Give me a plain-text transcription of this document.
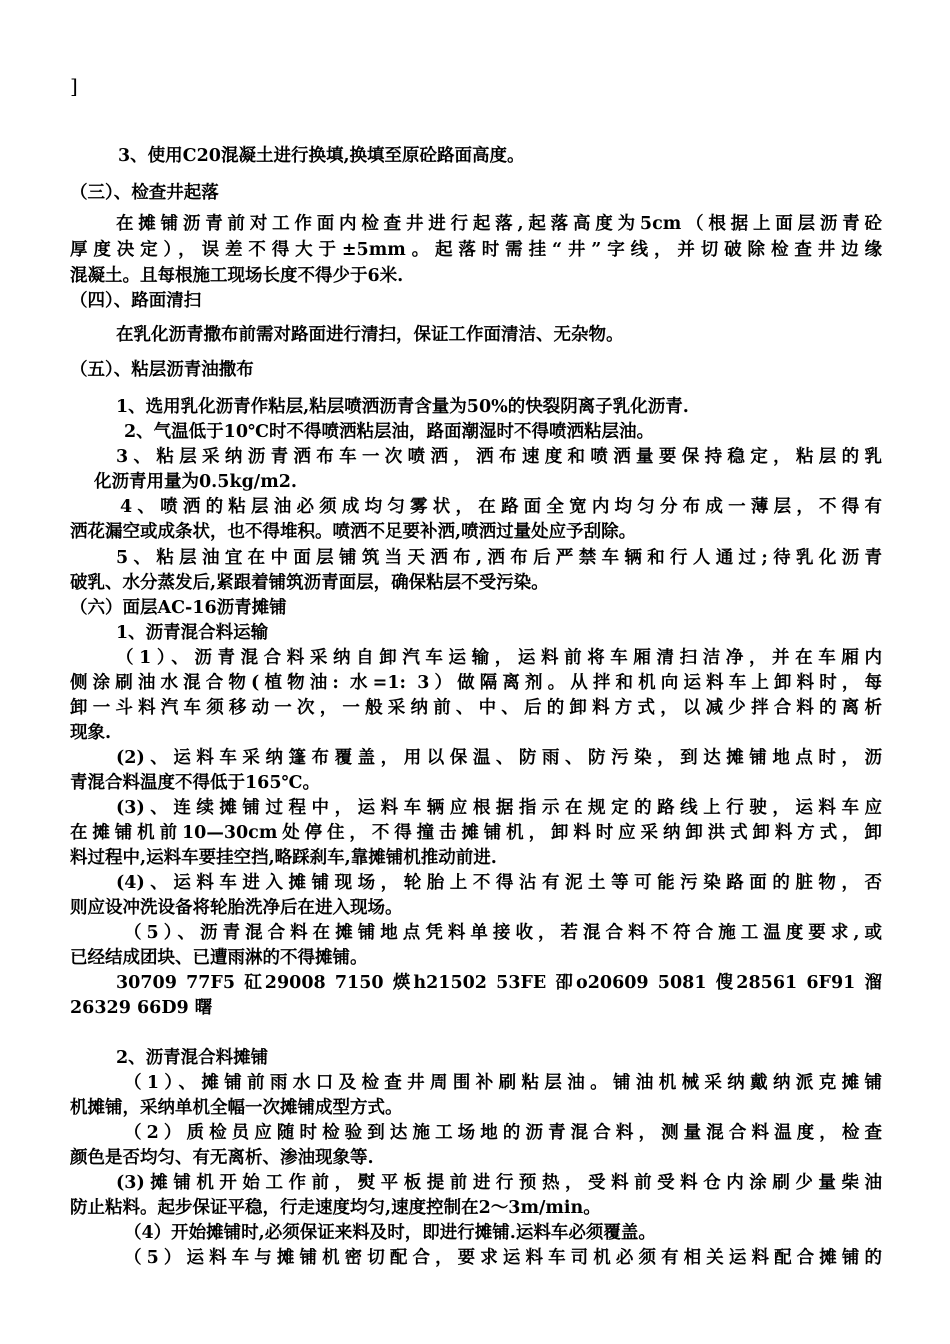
]
3、使用C20混凝土进行换填,换填至原砼路面高度。
（三）、检查井起落
在摊铺沥青前对工作面内检查井进行起落,起落高度为5cm（根据上面层沥青砼
厚度决定），误差不得大于±5mm。起落时需挂“井”字线，并切破除检查井边缘
混凝土。且每根施工现场长度不得少于6米.
（四）、路面清扫
在乳化沥青撒布前需对路面进行清扫，保证工作面清洁、无杂物。
（五）、粘层沥青油撒布
1、选用乳化沥青作粘层,粘层喷洒沥青含量为50%的快裂阴离子乳化沥青.
2、气温低于10℃时不得喷洒粘层油，路面潮湿时不得喷洒粘层油。
3、粘层采纳沥青洒布车一次喷洒，洒布速度和喷洒量要保持稳定，粘层的乳
化沥青用量为0.5kg/m2.
4、喷洒的粘层油必须成均匀雾状，在路面全宽内均匀分布成一薄层，不得有
洒花漏空或成条状，也不得堆积。喷洒不足要补洒,喷洒过量处应予刮除。
5、粘层油宜在中面层铺筑当天洒布,洒布后严禁车辆和行人通过;待乳化沥青
破乳、水分蒸发后,紧跟着铺筑沥青面层，确保粘层不受污染。
（六）面层AC-16沥青摊铺
1、沥青混合料运输
（1）、沥青混合料采纳自卸汽车运输，运料前将车厢清扫洁净，并在车厢内
侧涂刷油水混合物(植物油: 水=1: 3）做隔离剂。从拌和机向运料车上卸料时，每
卸一斗料汽车须移动一次，一般采纳前、中、后的卸料方式，以减少拌合料的离析
现象.
(2)、运料车采纳篷布覆盖，用以保温、防雨、防污染，到达摊铺地点时，沥
青混合料温度不得低于165℃。
(3)、连续摊铺过程中，运料车辆应根据指示在规定的路线上行驶，运料车应
在摊铺机前10—30cm处停住，不得撞击摊铺机，卸料时应采纳卸洪式卸料方式，卸
料过程中,运料车要挂空挡,略踩刹车,靠摊铺机推动前进.
(4)、运料车进入摊铺现场，轮胎上不得沾有泥土等可能污染路面的脏物，否
则应设冲洗设备将轮胎洗净后在进入现场。
（5）、沥青混合料在摊铺地点凭料单接收，若混合料不符合施工温度要求,或
已经结成团块、已遭雨淋的不得摊铺。
30709 77F5 矼29008 7150 煐h21502 53FE 卲o20609 5081 傁28561 6F91 溜
26329 66D9 曙
2、沥青混合料摊铺
（1）、摊铺前雨水口及检查井周围补刷粘层油。铺油机械采纳戴纳派克摊铺
机摊铺，采纳单机全幅一次摊铺成型方式。
（2）质检员应随时检验到达施工场地的沥青混合料，测量混合料温度，检查
颜色是否均匀、有无离析、渗油现象等.
(3)摊铺机开始工作前，熨平板提前进行预热，受料前受料仓内涂刷少量柴油
防止粘料。起步保证平稳，行走速度均匀,速度控制在2～3m/min。
（4）开始摊铺时,必须保证来料及时，即进行摊铺.运料车必须覆盖。
（5）运料车与摊铺机密切配合，要求运料车司机必须有相关运料配合摊铺的
